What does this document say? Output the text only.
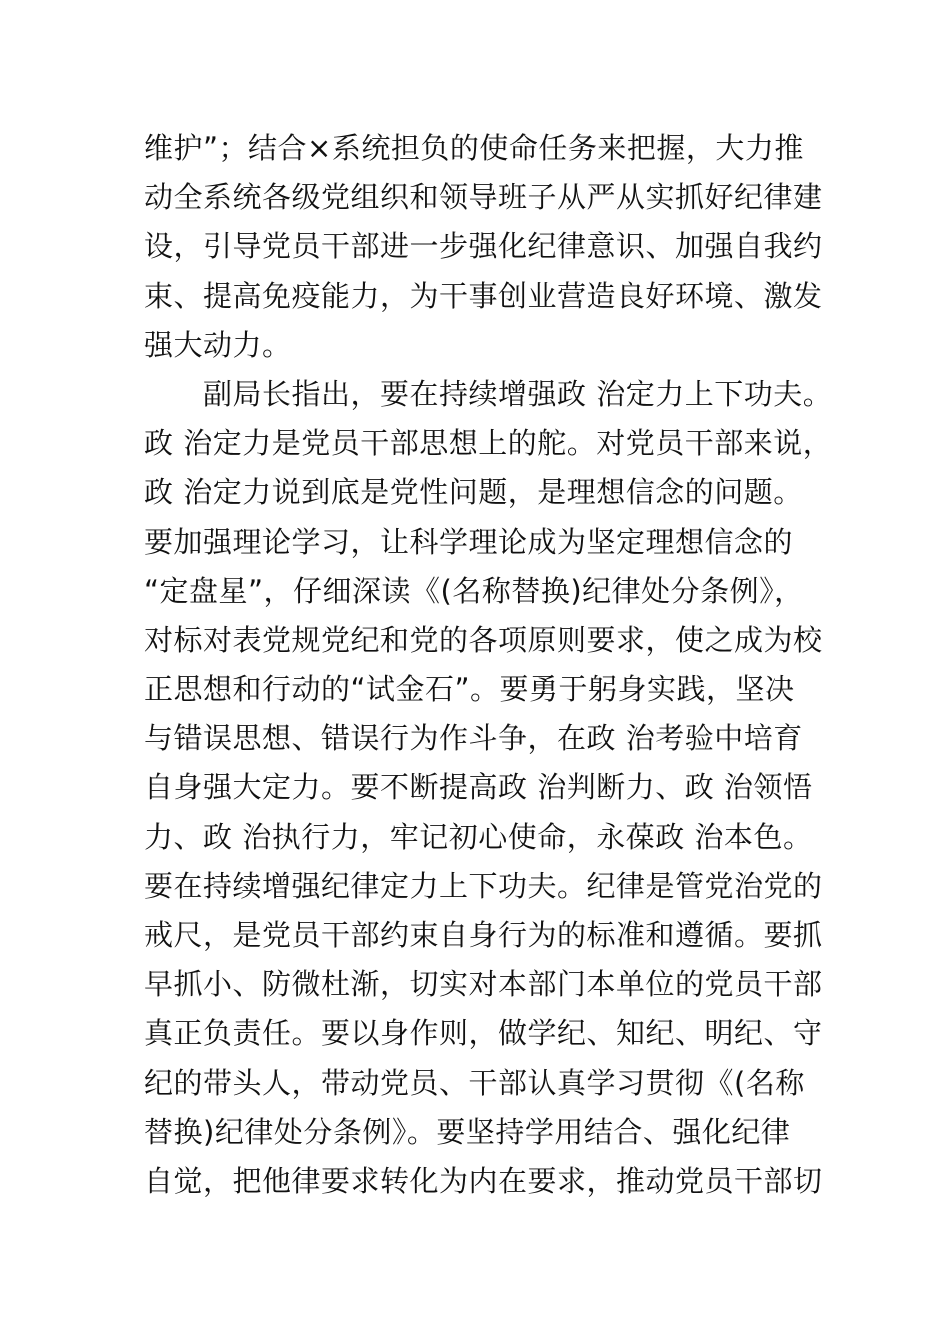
维护”；结合×系统担负的使命任务来把握，大力推
动全系统各级党组织和领导班子从严从实抓好纪律建
设，引导党员干部进一步强化纪律意识、加强自我约
束、提高免疫能力，为干事创业营造良好环境、激发
强大动力。
　　副局长指出，要在持续增强政 治定力上下功夫。
政 治定力是党员干部思想上的舵。对党员干部来说，
政 治定力说到底是党性问题，是理想信念的问题。
要加强理论学习，让科学理论成为坚定理想信念的
“定盘星”，仔细深读《(名称替换)纪律处分条例》，
对标对表党规党纪和党的各项原则要求，使之成为校
正思想和行动的“试金石”。要勇于躬身实践，坚决
与错误思想、错误行为作斗争，在政 治考验中培育
自身强大定力。要不断提高政 治判断力、政 治领悟
力、政 治执行力，牢记初心使命，永葆政 治本色。
要在持续增强纪律定力上下功夫。纪律是管党治党的
戒尺，是党员干部约束自身行为的标准和遵循。要抓
早抓小、防微杜渐，切实对本部门本单位的党员干部
真正负责任。要以身作则，做学纪、知纪、明纪、守
纪的带头人，带动党员、干部认真学习贯彻《(名称
替换)纪律处分条例》。要坚持学用结合、强化纪律
自觉，把他律要求转化为内在要求，推动党员干部切
